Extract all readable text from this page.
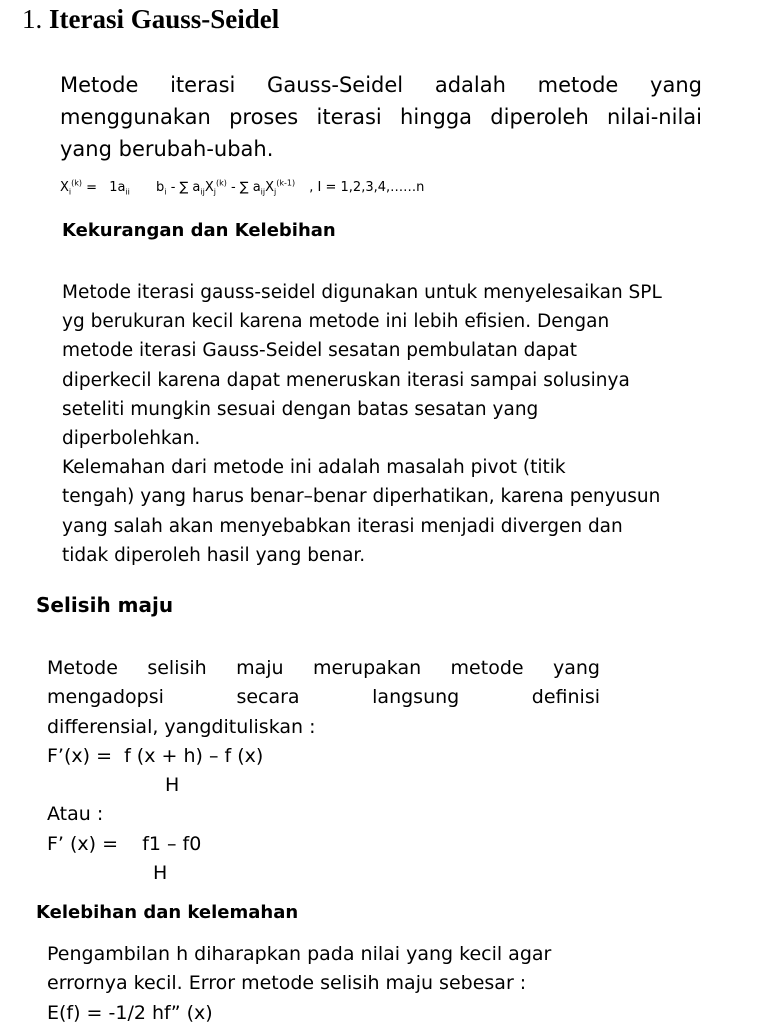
1. Iterasi Gauss-Seidel
Metode iterasi Gauss-Seidel adalah metode yang
menggunakan proses iterasi hingga diperoleh nilai-nilai
yang berubah-ubah.
$X_i^{(k)} = 1a_{ii}$ $b_i$ - ∑ $a_{ij}X_j^{(k)}$ - ∑ $a_{ij}X_j^{(k-1)}$ , I = 1,2,3,4,……n
Kekurangan dan Kelebihan
Metode iterasi gauss-seidel digunakan untuk menyelesaikan SPL
yg berukuran kecil karena metode ini lebih efisien. Dengan
metode iterasi Gauss-Seidel sesatan pembulatan dapat
diperkecil karena dapat meneruskan iterasi sampai solusinya
seteliti mungkin sesuai dengan batas sesatan yang
diperbolehkan.
Kelemahan dari metode ini adalah masalah pivot (titik
tengah) yang harus benar–benar diperhatikan, karena penyusun
yang salah akan menyebabkan iterasi menjadi divergen dan
tidak diperoleh hasil yang benar.
Selisih maju
Metode selisih maju merupakan metode yang
mengadopsi secara langsung definisi
differensial, yangdituliskan :
F’(x) =  f (x + h) – f (x)
H
Atau :
F’ (x) =    f1 – f0
H
Kelebihan dan kelemahan
Pengambilan h diharapkan pada nilai yang kecil agar
errornya kecil. Error metode selisih maju sebesar :
E(f) = -1/2 hf” (x)
